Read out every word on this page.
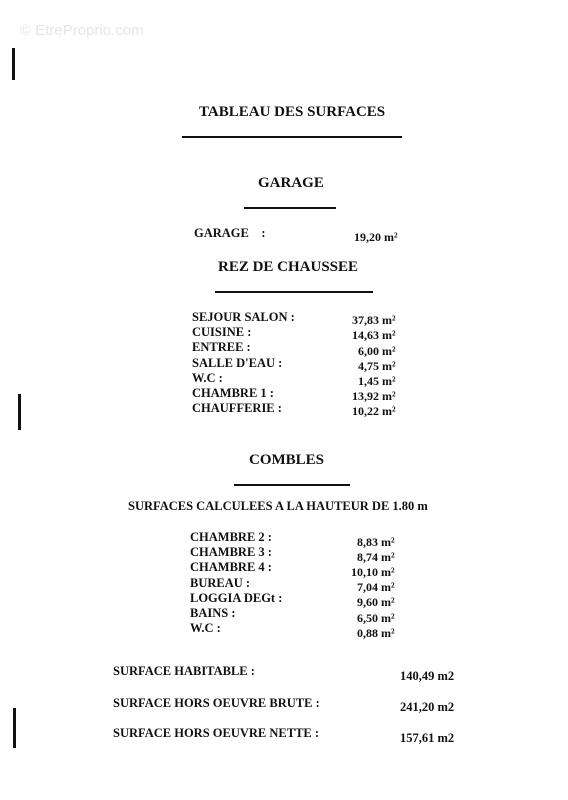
© EtreProprio.com
TABLEAU DES SURFACES
GARAGE
GARAGE    :	19,20 m²
REZ DE CHAUSSEE
SEJOUR SALON :	37,83 m²
CUISINE :	14,63 m²
ENTREE :	6,00 m²
SALLE D'EAU :	4,75 m²
W.C :	1,45 m²
CHAMBRE 1 :	13,92 m²
CHAUFFERIE :	10,22 m²
COMBLES
SURFACES CALCULEES A LA HAUTEUR DE 1.80 m
CHAMBRE 2 :	8,83 m²
CHAMBRE 3 :	8,74 m²
CHAMBRE 4 :	10,10 m²
BUREAU :	7,04 m²
LOGGIA DEGt :	9,60 m²
BAINS :	6,50 m²
W.C :	0,88 m²
SURFACE HABITABLE :	140,49 m2
SURFACE HORS OEUVRE BRUTE :	241,20 m2
SURFACE HORS OEUVRE NETTE :	157,61 m2
